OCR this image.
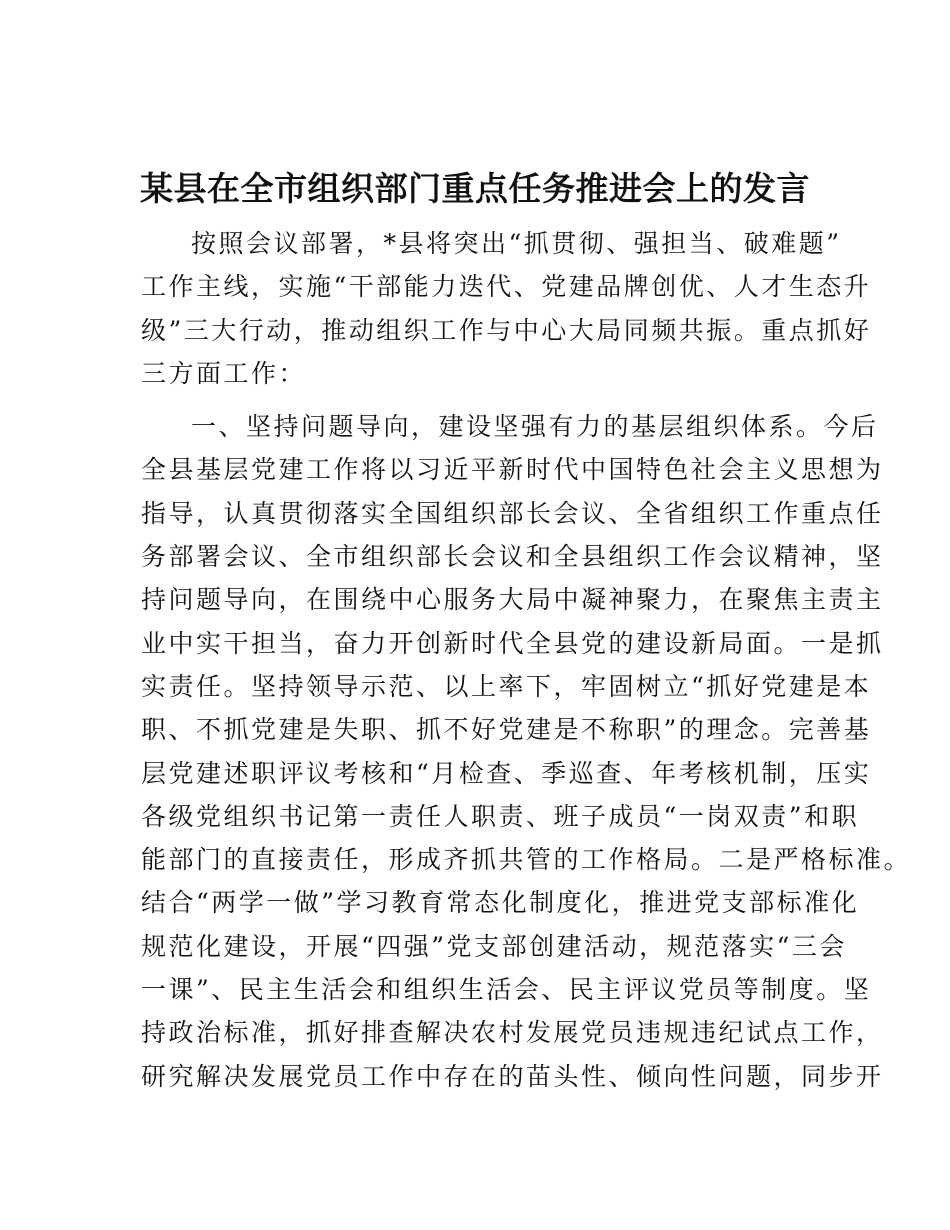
某县在全市组织部门重点任务推进会上的发言
按照会议部署，*县将突出“抓贯彻、强担当、破难题”
工作主线，实施“干部能力迭代、党建品牌创优、人才生态升
级”三大行动，推动组织工作与中心大局同频共振。重点抓好
三方面工作：
一、坚持问题导向，建设坚强有力的基层组织体系。今后
全县基层党建工作将以习近平新时代中国特色社会主义思想为
指导，认真贯彻落实全国组织部长会议、全省组织工作重点任
务部署会议、全市组织部长会议和全县组织工作会议精神，坚
持问题导向，在围绕中心服务大局中凝神聚力，在聚焦主责主
业中实干担当，奋力开创新时代全县党的建设新局面。一是抓
实责任。坚持领导示范、以上率下，牢固树立“抓好党建是本
职、不抓党建是失职、抓不好党建是不称职”的理念。完善基
层党建述职评议考核和“月检查、季巡查、年考核机制，压实
各级党组织书记第一责任人职责、班子成员“一岗双责”和职
能部门的直接责任，形成齐抓共管的工作格局。二是严格标准。
结合“两学一做”学习教育常态化制度化，推进党支部标准化
规范化建设，开展“四强”党支部创建活动，规范落实“三会
一课”、民主生活会和组织生活会、民主评议党员等制度。坚
持政治标准，抓好排查解决农村发展党员违规违纪试点工作，
研究解决发展党员工作中存在的苗头性、倾向性问题，同步开
